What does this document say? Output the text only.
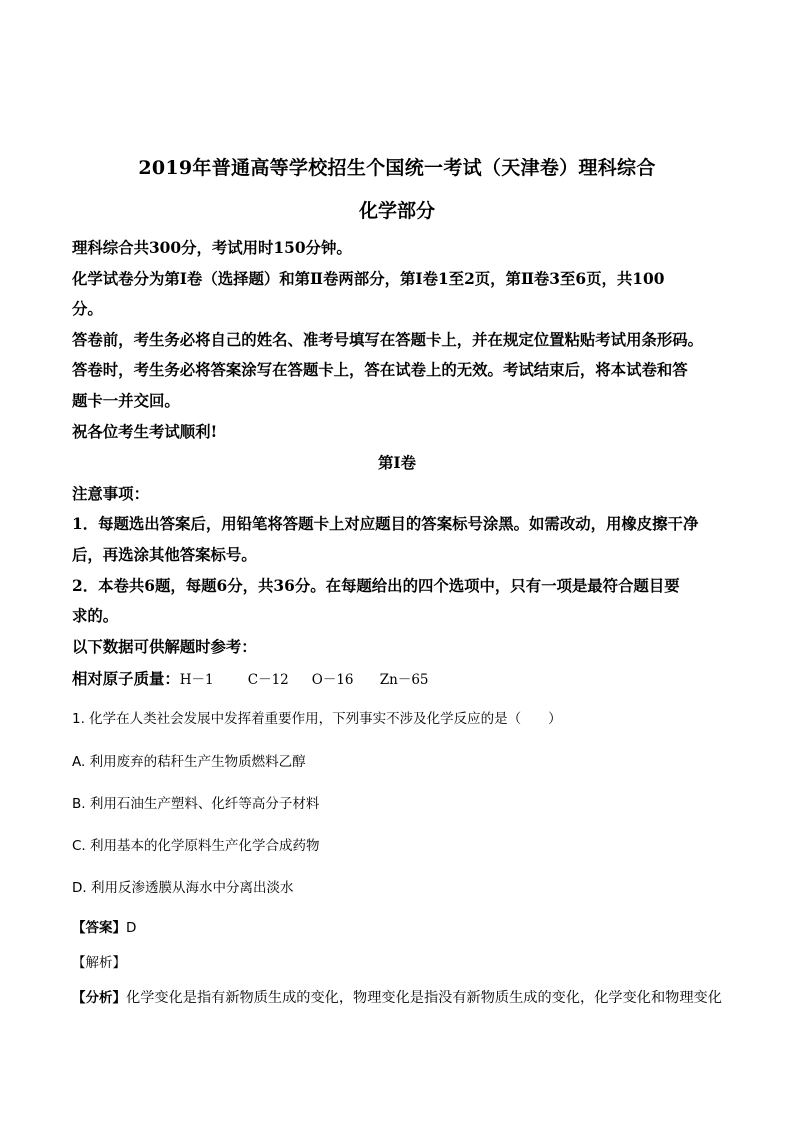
2019年普通高等学校招生个国统一考试（天津卷）理科综合
化学部分
理科综合共300分，考试用时150分钟。
化学试卷分为第Ⅰ卷（选择题）和第Ⅱ卷两部分，第Ⅰ卷1至2页，第Ⅱ卷3至6页，共100
分。
答卷前，考生务必将自己的姓名、准考号填写在答题卡上，并在规定位置粘贴考试用条形码。
答卷时，考生务必将答案涂写在答题卡上，答在试卷上的无效。考试结束后，将本试卷和答
题卡一并交回。
祝各位考生考试顺利!
第Ⅰ卷
注意事项：
1．每题选出答案后，用铅笔将答题卡上对应题目的答案标号涂黑。如需改动，用橡皮擦干净
后，再选涂其他答案标号。
2．本卷共6题，每题6分，共36分。在每题给出的四个选项中，只有一项是最符合题目要
求的。
以下数据可供解题时参考：
相对原子质量：H－1	C－12 O－16 Zn－65
1. 化学在人类社会发展中发挥着重要作用，下列事实不涉及化学反应的是（　　）
A. 利用废弃的秸秆生产生物质燃料乙醇
B. 利用石油生产塑料、化纤等高分子材料
C. 利用基本的化学原料生产化学合成药物
D. 利用反渗透膜从海水中分离出淡水
【答案】D
【解析】
【分析】化学变化是指有新物质生成的变化，物理变化是指没有新物质生成的变化，化学变化和物理变化
